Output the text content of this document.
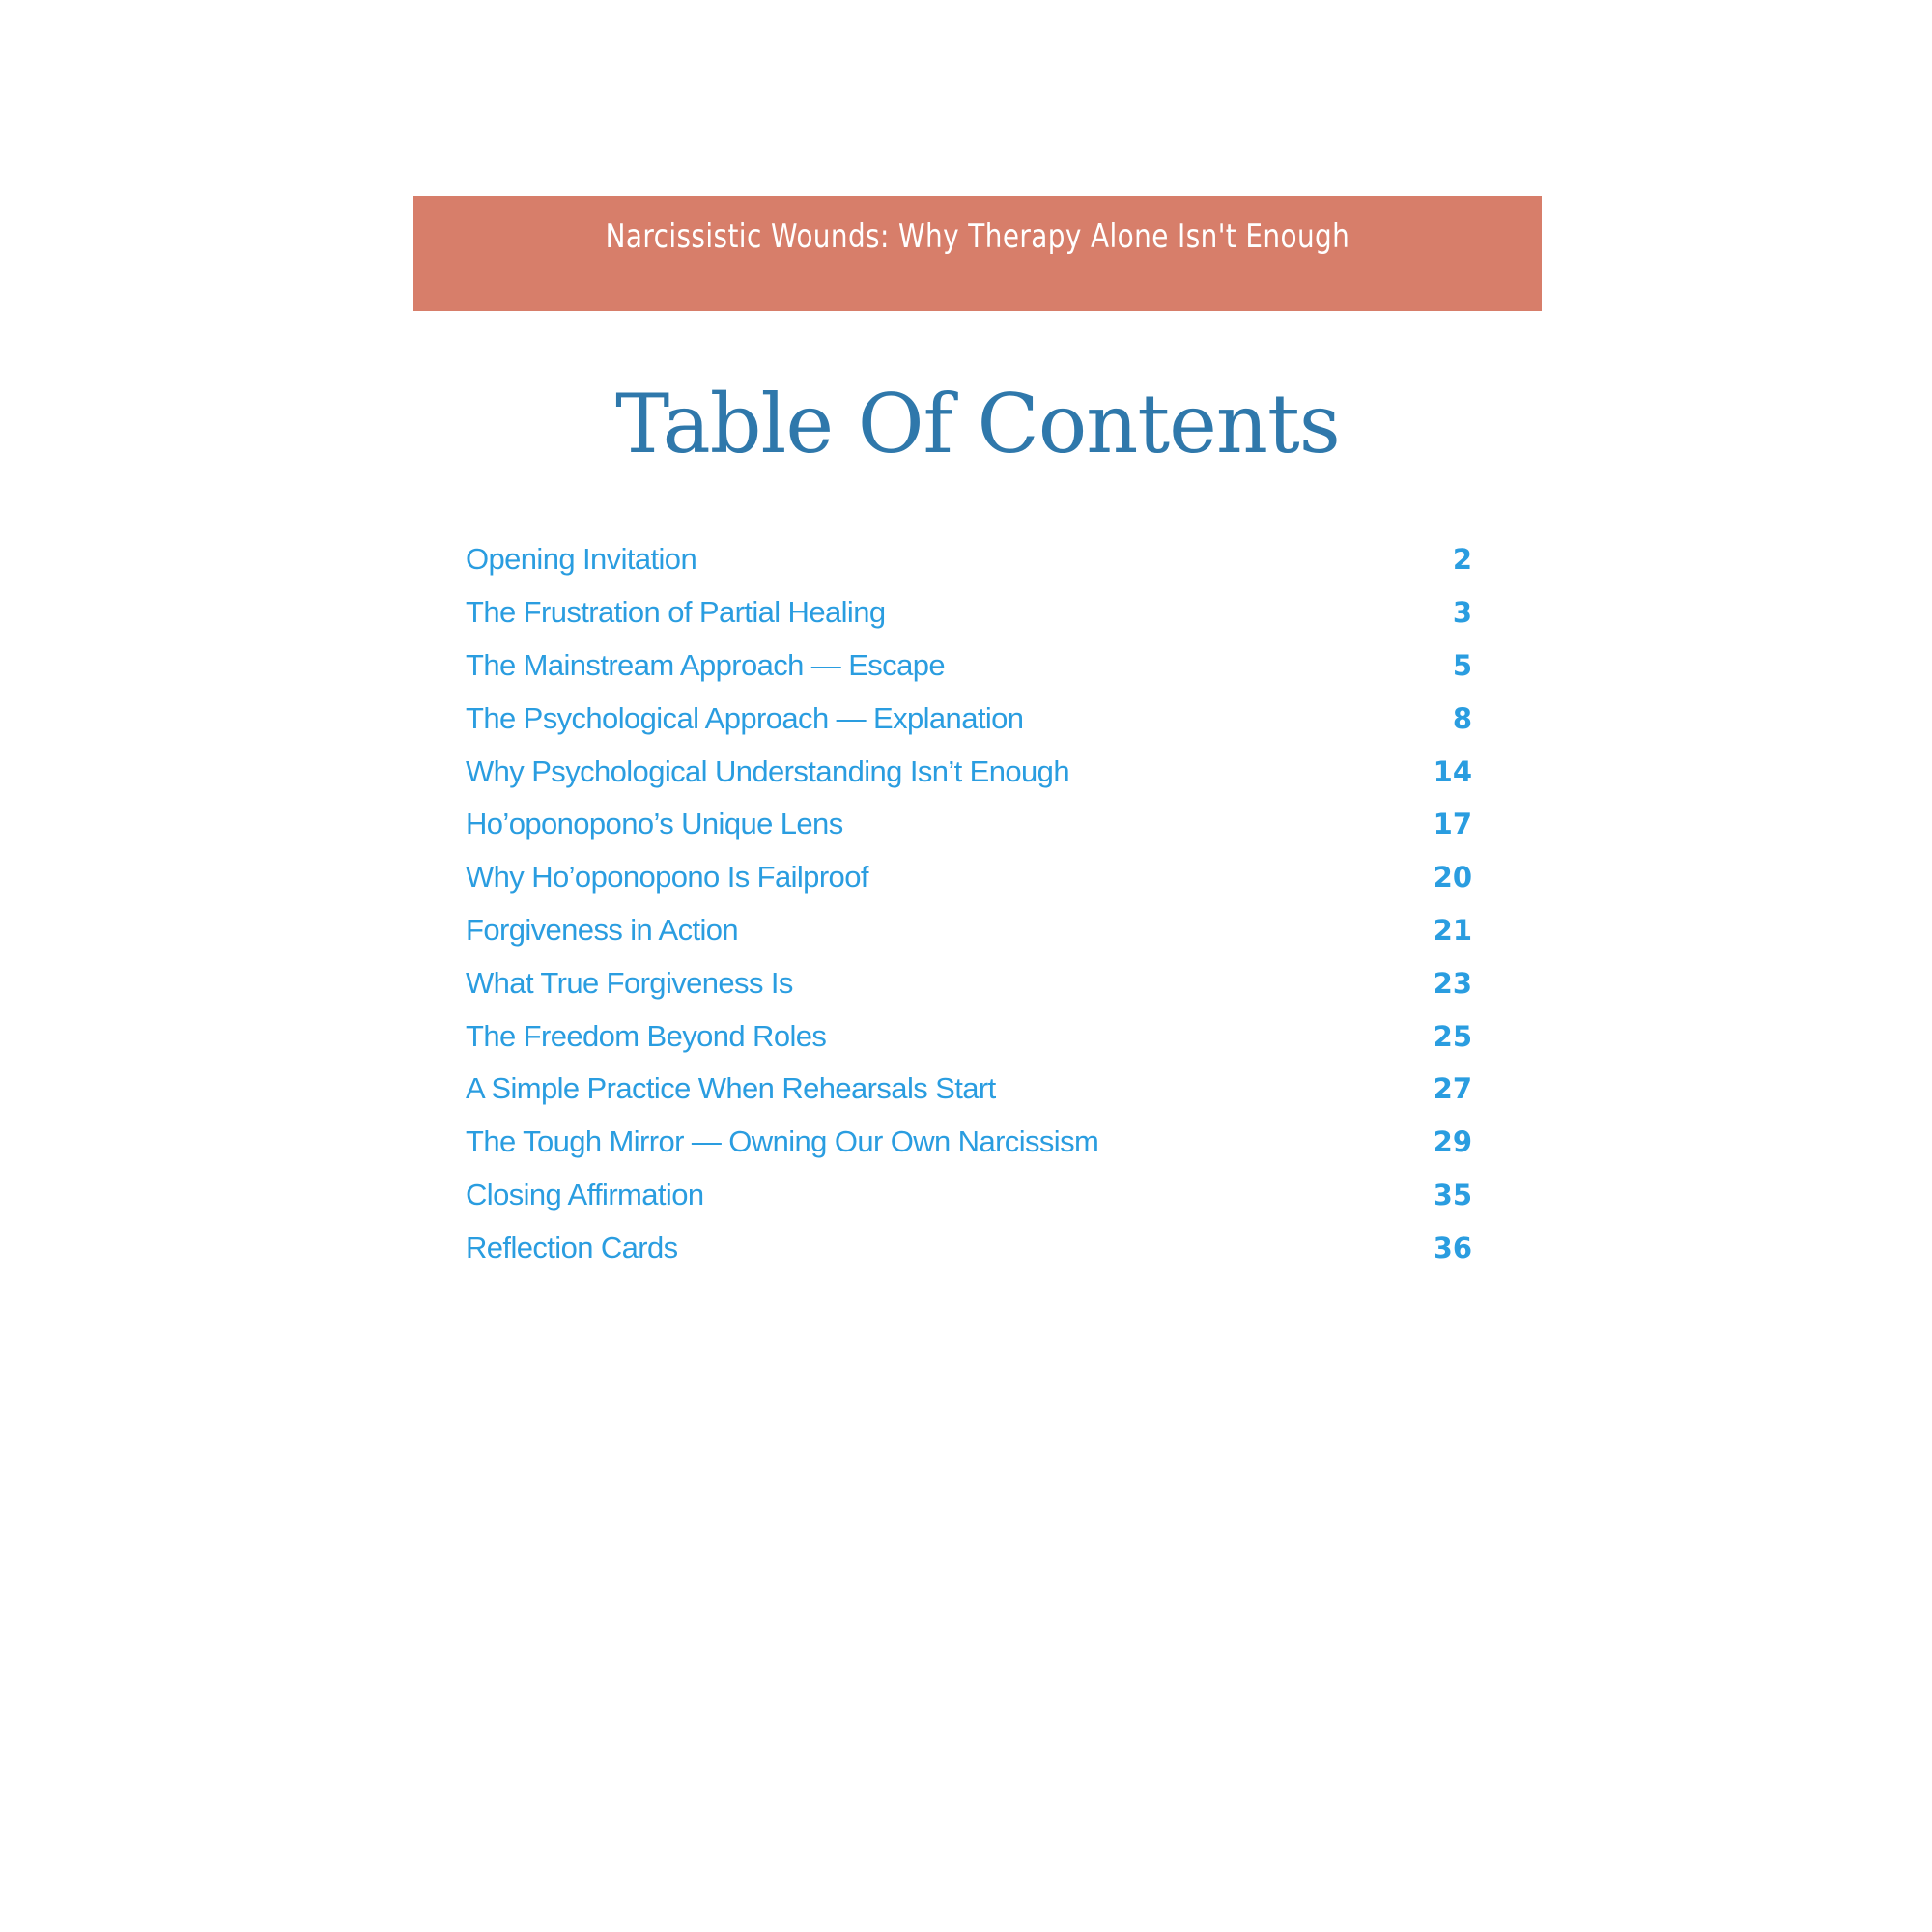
Narcissistic Wounds: Why Therapy Alone Isn't Enough
Table Of Contents
Opening Invitation	2
The Frustration of Partial Healing	3
The Mainstream Approach — Escape	5
The Psychological Approach — Explanation	8
Why Psychological Understanding Isn’t Enough	14
Ho’oponopono’s Unique Lens	17
Why Ho’oponopono Is Failproof	20
Forgiveness in Action	21
What True Forgiveness Is	23
The Freedom Beyond Roles	25
A Simple Practice When Rehearsals Start	27
The Tough Mirror — Owning Our Own Narcissism	29
Closing Affirmation	35
Reflection Cards	36
